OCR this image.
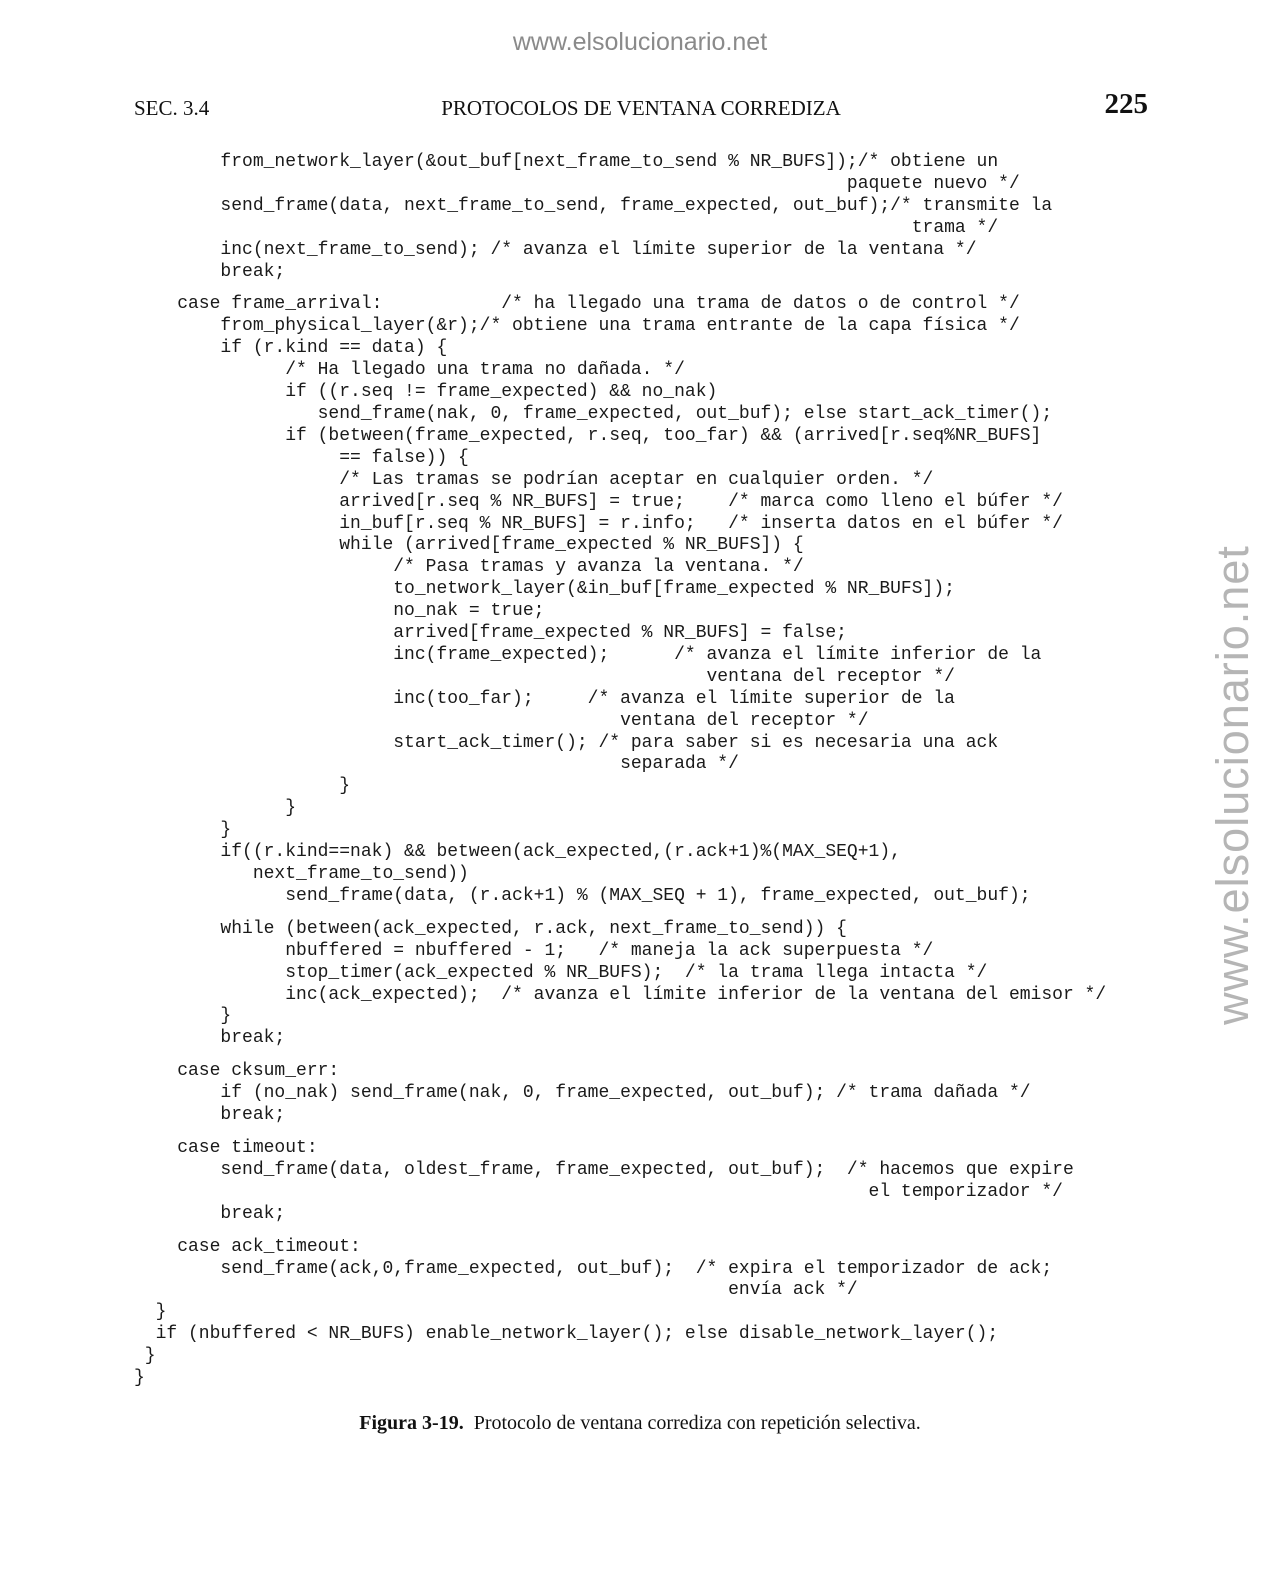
www.elsolucionario.net
www.elsolucionario.net
SEC. 3.4	PROTOCOLOS DE VENTANA CORREDIZA	225
from_network_layer(&out_buf[next_frame_to_send % NR_BUFS]);/* obtiene un
paquete nuevo */
send_frame(data, next_frame_to_send, frame_expected, out_buf);/* transmite la
trama */
inc(next_frame_to_send); /* avanza el límite superior de la ventana */
break;
case frame_arrival:           /* ha llegado una trama de datos o de control */
from_physical_layer(&r);/* obtiene una trama entrante de la capa física */
if (r.kind == data) {
/* Ha llegado una trama no dañada. */
if ((r.seq != frame_expected) && no_nak)
send_frame(nak, 0, frame_expected, out_buf); else start_ack_timer();
if (between(frame_expected, r.seq, too_far) && (arrived[r.seq%NR_BUFS]
== false)) {
/* Las tramas se podrían aceptar en cualquier orden. */
arrived[r.seq % NR_BUFS] = true;    /* marca como lleno el búfer */
in_buf[r.seq % NR_BUFS] = r.info;   /* inserta datos en el búfer */
while (arrived[frame_expected % NR_BUFS]) {
/* Pasa tramas y avanza la ventana. */
to_network_layer(&in_buf[frame_expected % NR_BUFS]);
no_nak = true;
arrived[frame_expected % NR_BUFS] = false;
inc(frame_expected);      /* avanza el límite inferior de la
ventana del receptor */
inc(too_far);     /* avanza el límite superior de la
ventana del receptor */
start_ack_timer(); /* para saber si es necesaria una ack
separada */
}
}
}
if((r.kind==nak) && between(ack_expected,(r.ack+1)%(MAX_SEQ+1),
next_frame_to_send))
send_frame(data, (r.ack+1) % (MAX_SEQ + 1), frame_expected, out_buf);
while (between(ack_expected, r.ack, next_frame_to_send)) {
nbuffered = nbuffered - 1;   /* maneja la ack superpuesta */
stop_timer(ack_expected % NR_BUFS);  /* la trama llega intacta */
inc(ack_expected);  /* avanza el límite inferior de la ventana del emisor */
}
break;
case cksum_err:
if (no_nak) send_frame(nak, 0, frame_expected, out_buf); /* trama dañada */
break;
case timeout:
send_frame(data, oldest_frame, frame_expected, out_buf);  /* hacemos que expire
el temporizador */
break;
case ack_timeout:
send_frame(ack,0,frame_expected, out_buf);  /* expira el temporizador de ack;
envía ack */
}
if (nbuffered < NR_BUFS) enable_network_layer(); else disable_network_layer();
}
}
Figura 3-19. Protocolo de ventana corrediza con repetición selectiva.
